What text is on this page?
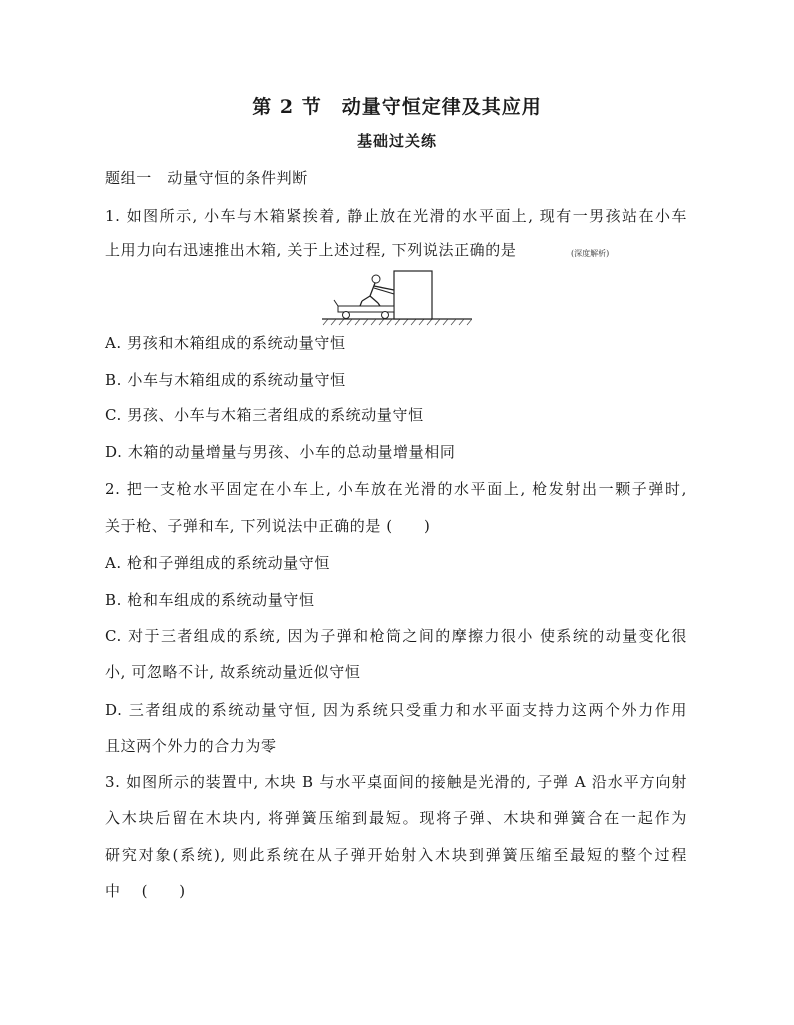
第 2 节　动量守恒定律及其应用
基础过关练
题组一　动量守恒的条件判断
1. 如图所示, 小车与木箱紧挨着, 静止放在光滑的水平面上, 现有一男孩站在小车
上用力向右迅速推出木箱, 关于上述过程, 下列说法正确的是	(深度解析)
A. 男孩和木箱组成的系统动量守恒
B. 小车与木箱组成的系统动量守恒
C. 男孩、小车与木箱三者组成的系统动量守恒
D. 木箱的动量增量与男孩、小车的总动量增量相同
2. 把一支枪水平固定在小车上, 小车放在光滑的水平面上, 枪发射出一颗子弹时,
关于枪、子弹和车, 下列说法中正确的是 (　　)
A. 枪和子弹组成的系统动量守恒
B. 枪和车组成的系统动量守恒
C. 对于三者组成的系统, 因为子弹和枪筒之间的摩擦力很小 使系统的动量变化很
小, 可忽略不计, 故系统动量近似守恒
D. 三者组成的系统动量守恒, 因为系统只受重力和水平面支持力这两个外力作用
且这两个外力的合力为零
3. 如图所示的装置中, 木块 B 与水平桌面间的接触是光滑的, 子弹 A 沿水平方向射
入木块后留在木块内, 将弹簧压缩到最短。现将子弹、木块和弹簧合在一起作为
研究对象(系统), 则此系统在从子弹开始射入木块到弹簧压缩至最短的整个过程
中　 (　　)
